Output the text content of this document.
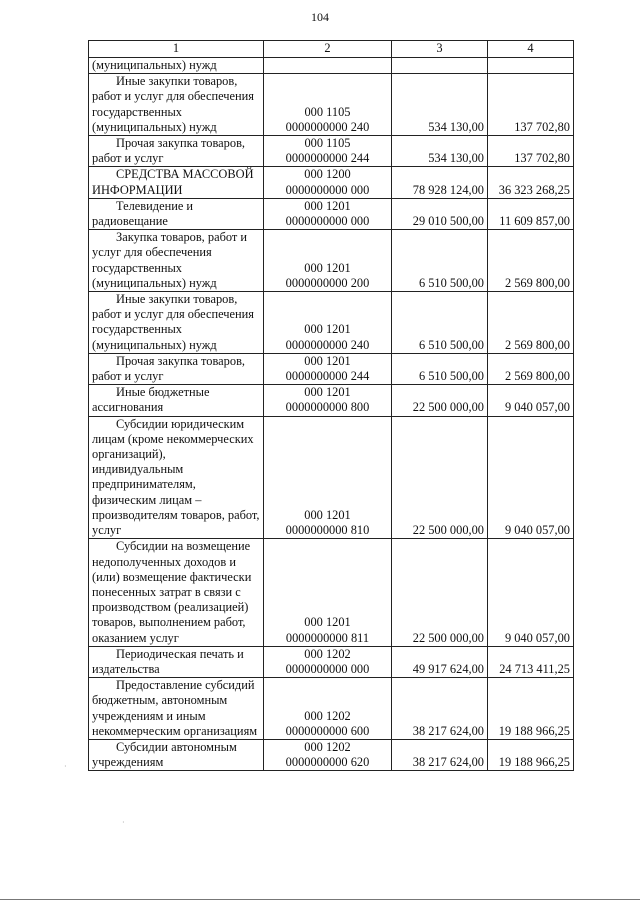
104
1	2	3	4

(муниципальных) нужд			

Иные закупки товаров, работ и услуг для обеспечения государственных (муниципальных) нужд	000 1105
0000000000 240	534 130,00	137 702,80

Прочая закупка товаров, работ и услуг	000 1105
0000000000 244	534 130,00	137 702,80

СРЕДСТВА МАССОВОЙ ИНФОРМАЦИИ	000 1200
0000000000 000	78 928 124,00	36 323 268,25

Телевидение и радиовещание	000 1201
0000000000 000	29 010 500,00	11 609 857,00

Закупка товаров, работ и услуг для обеспечения государственных (муниципальных) нужд	000 1201
0000000000 200	6 510 500,00	2 569 800,00

Иные закупки товаров, работ и услуг для обеспечения государственных (муниципальных) нужд	000 1201
0000000000 240	6 510 500,00	2 569 800,00

Прочая закупка товаров, работ и услуг	000 1201
0000000000 244	6 510 500,00	2 569 800,00

Иные бюджетные ассигнования	000 1201
0000000000 800	22 500 000,00	9 040 057,00

Субсидии юридическим лицам (кроме некоммерческих организаций), индивидуальным предпринимателям, физическим лицам – производителям товаров, работ, услуг	000 1201
0000000000 810	22 500 000,00	9 040 057,00

Субсидии на возмещение недополученных доходов и (или) возмещение фактически понесенных затрат в связи с производством (реализацией) товаров, выполнением работ, оказанием услуг	000 1201
0000000000 811	22 500 000,00	9 040 057,00

Периодическая печать и издательства	000 1202
0000000000 000	49 917 624,00	24 713 411,25

Предоставление субсидий бюджетным, автономным учреждениям и иным некоммерческим организациям	000 1202
0000000000 600	38 217 624,00	19 188 966,25

Субсидии автономным учреждениям	000 1202
0000000000 620	38 217 624,00	19 188 966,25
·
·
